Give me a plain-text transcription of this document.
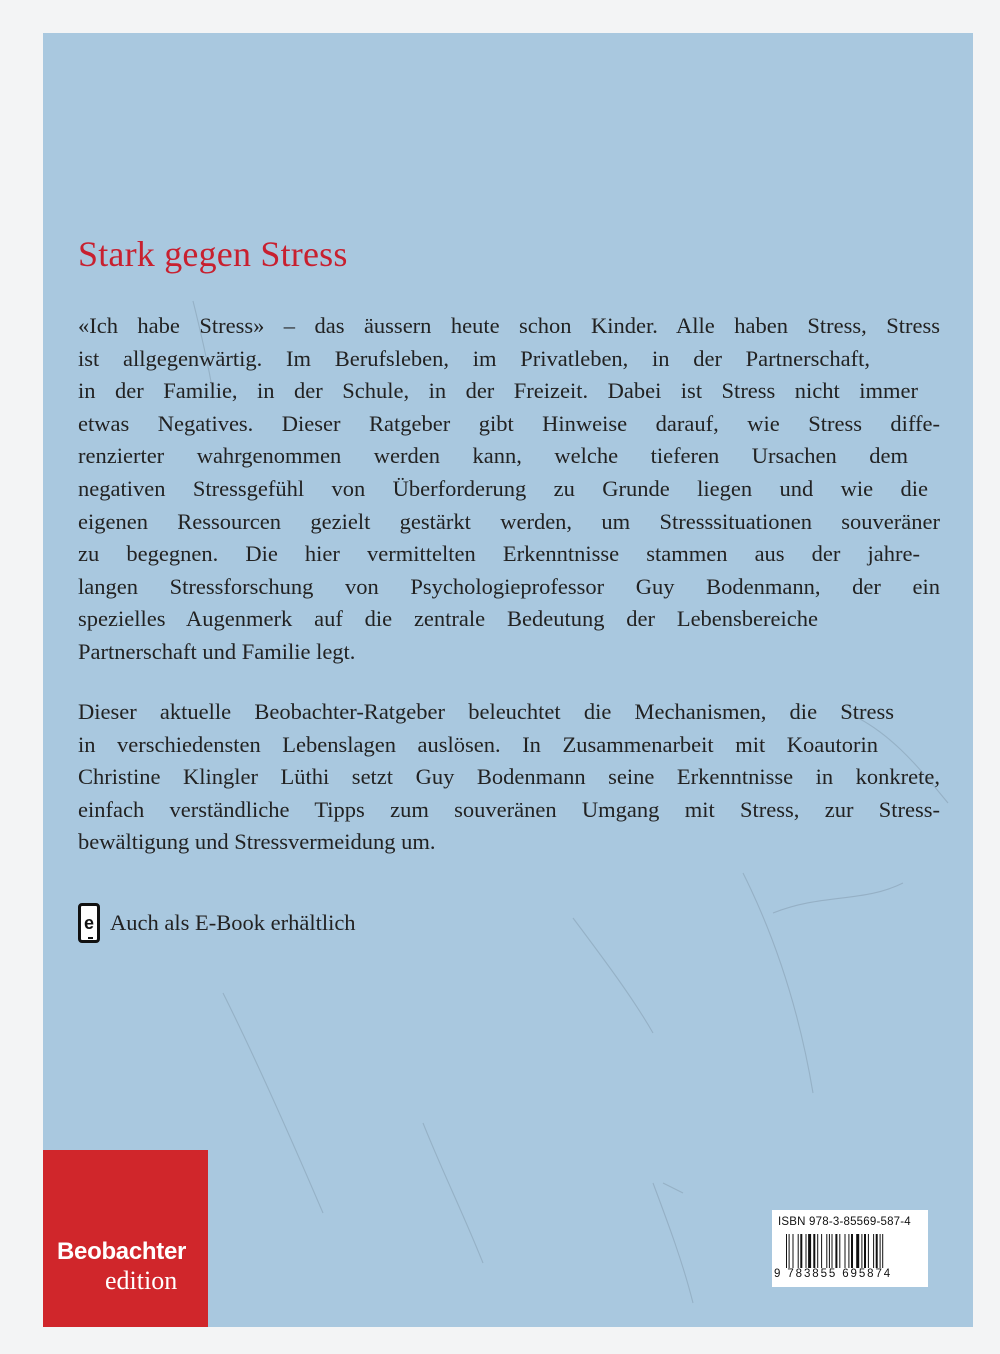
Stark gegen Stress
«Ich habe Stress» – das äussern heute schon Kinder. Alle haben Stress, Stress
ist allgegenwärtig. Im Berufsleben, im Privatleben, in der Partnerschaft,
in der Familie, in der Schule, in der Freizeit. Dabei ist Stress nicht immer
etwas Negatives. Dieser Ratgeber gibt Hinweise darauf, wie Stress diffe-
renzierter wahrgenommen werden kann, welche tieferen Ursachen dem
negativen Stressgefühl von Überforderung zu Grunde liegen und wie die
eigenen Ressourcen gezielt gestärkt werden, um Stresssituationen souveräner
zu begegnen. Die hier vermittelten Erkenntnisse stammen aus der jahre-
langen Stressforschung von Psychologieprofessor Guy Bodenmann, der ein
spezielles Augenmerk auf die zentrale Bedeutung der Lebensbereiche
Partnerschaft und Familie legt.
Dieser aktuelle Beobachter-Ratgeber beleuchtet die Mechanismen, die Stress
in verschiedensten Lebenslagen auslösen. In Zusammenarbeit mit Koautorin
Christine Klingler Lüthi setzt Guy Bodenmann seine Erkenntnisse in konkrete,
einfach verständliche Tipps zum souveränen Umgang mit Stress, zur Stress-
bewältigung und Stressvermeidung um.
e Auch als E-Book erhältlich
Beobachter
edition
ISBN 978-3-85569-587-4
9 783855 695874
